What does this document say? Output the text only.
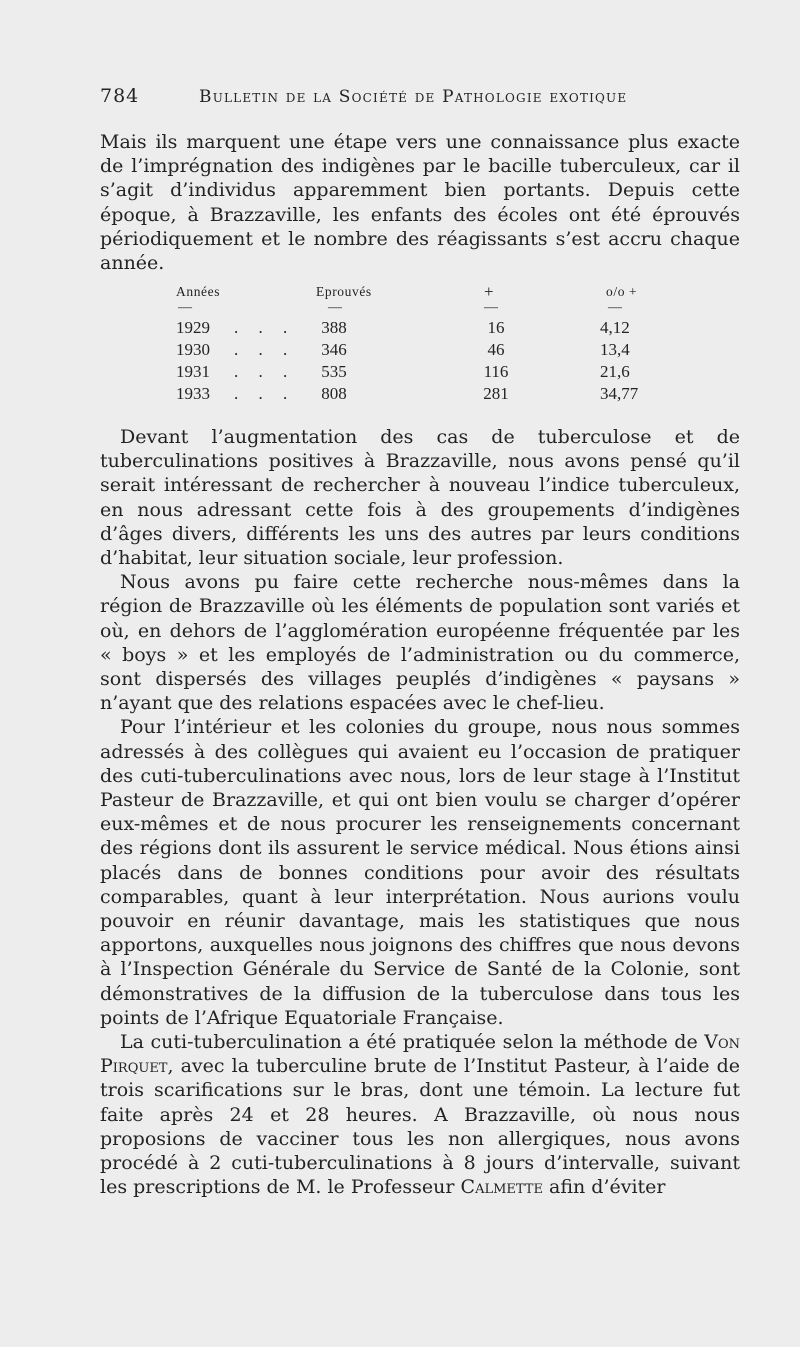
784	Bulletin de la Société de Pathologie exotique

Mais ils marquent une étape vers une connaissance plus exacte de l’imprégnation des indigènes par le bacille tuberculeux, car il s’agit d’individus apparemment bien portants. Depuis cette époque, à Brazzaville, les enfants des écoles ont été éprouvés périodiquement et le nombre des réagissants s’est accru chaque année.

Années	Eprouvés	+	o/o +
—	—	—	—
1929 . . .	388	16	4,12
1930 . . .	346	46	13,4
1931 . . .	535	116	21,6
1933 . . .	808	281	34,77

Devant l’augmentation des cas de tuberculose et de tuberculinations positives à Brazzaville, nous avons pensé qu’il serait intéressant de rechercher à nouveau l’indice tuberculeux, en nous adressant cette fois à des groupements d’indigènes d’âges divers, différents les uns des autres par leurs conditions d’habitat, leur situation sociale, leur profession.

Nous avons pu faire cette recherche nous-mêmes dans la région de Brazzaville où les éléments de population sont variés et où, en dehors de l’agglomération européenne fréquentée par les « boys » et les employés de l’administration ou du commerce, sont dispersés des villages peuplés d’indigènes « paysans » n’ayant que des relations espacées avec le chef-lieu.

Pour l’intérieur et les colonies du groupe, nous nous sommes adressés à des collègues qui avaient eu l’occasion de pratiquer des cuti-tuberculinations avec nous, lors de leur stage à l’Institut Pasteur de Brazzaville, et qui ont bien voulu se charger d’opérer eux-mêmes et de nous procurer les renseignements concernant des régions dont ils assurent le service médical. Nous étions ainsi placés dans de bonnes conditions pour avoir des résultats comparables, quant à leur interprétation. Nous aurions voulu pouvoir en réunir davantage, mais les statistiques que nous apportons, auxquelles nous joignons des chiffres que nous devons à l’Inspection Générale du Service de Santé de la Colonie, sont démonstratives de la diffusion de la tuberculose dans tous les points de l’Afrique Equatoriale Française.

La cuti-tuberculination a été pratiquée selon la méthode de Von Pirquet, avec la tuberculine brute de l’Institut Pasteur, à l’aide de trois scarifications sur le bras, dont une témoin. La lecture fut faite après 24 et 28 heures. A Brazzaville, où nous nous proposions de vacciner tous les non allergiques, nous avons procédé à 2 cuti-tuberculinations à 8 jours d’intervalle, suivant les prescriptions de M. le Professeur Calmette afin d’éviter
